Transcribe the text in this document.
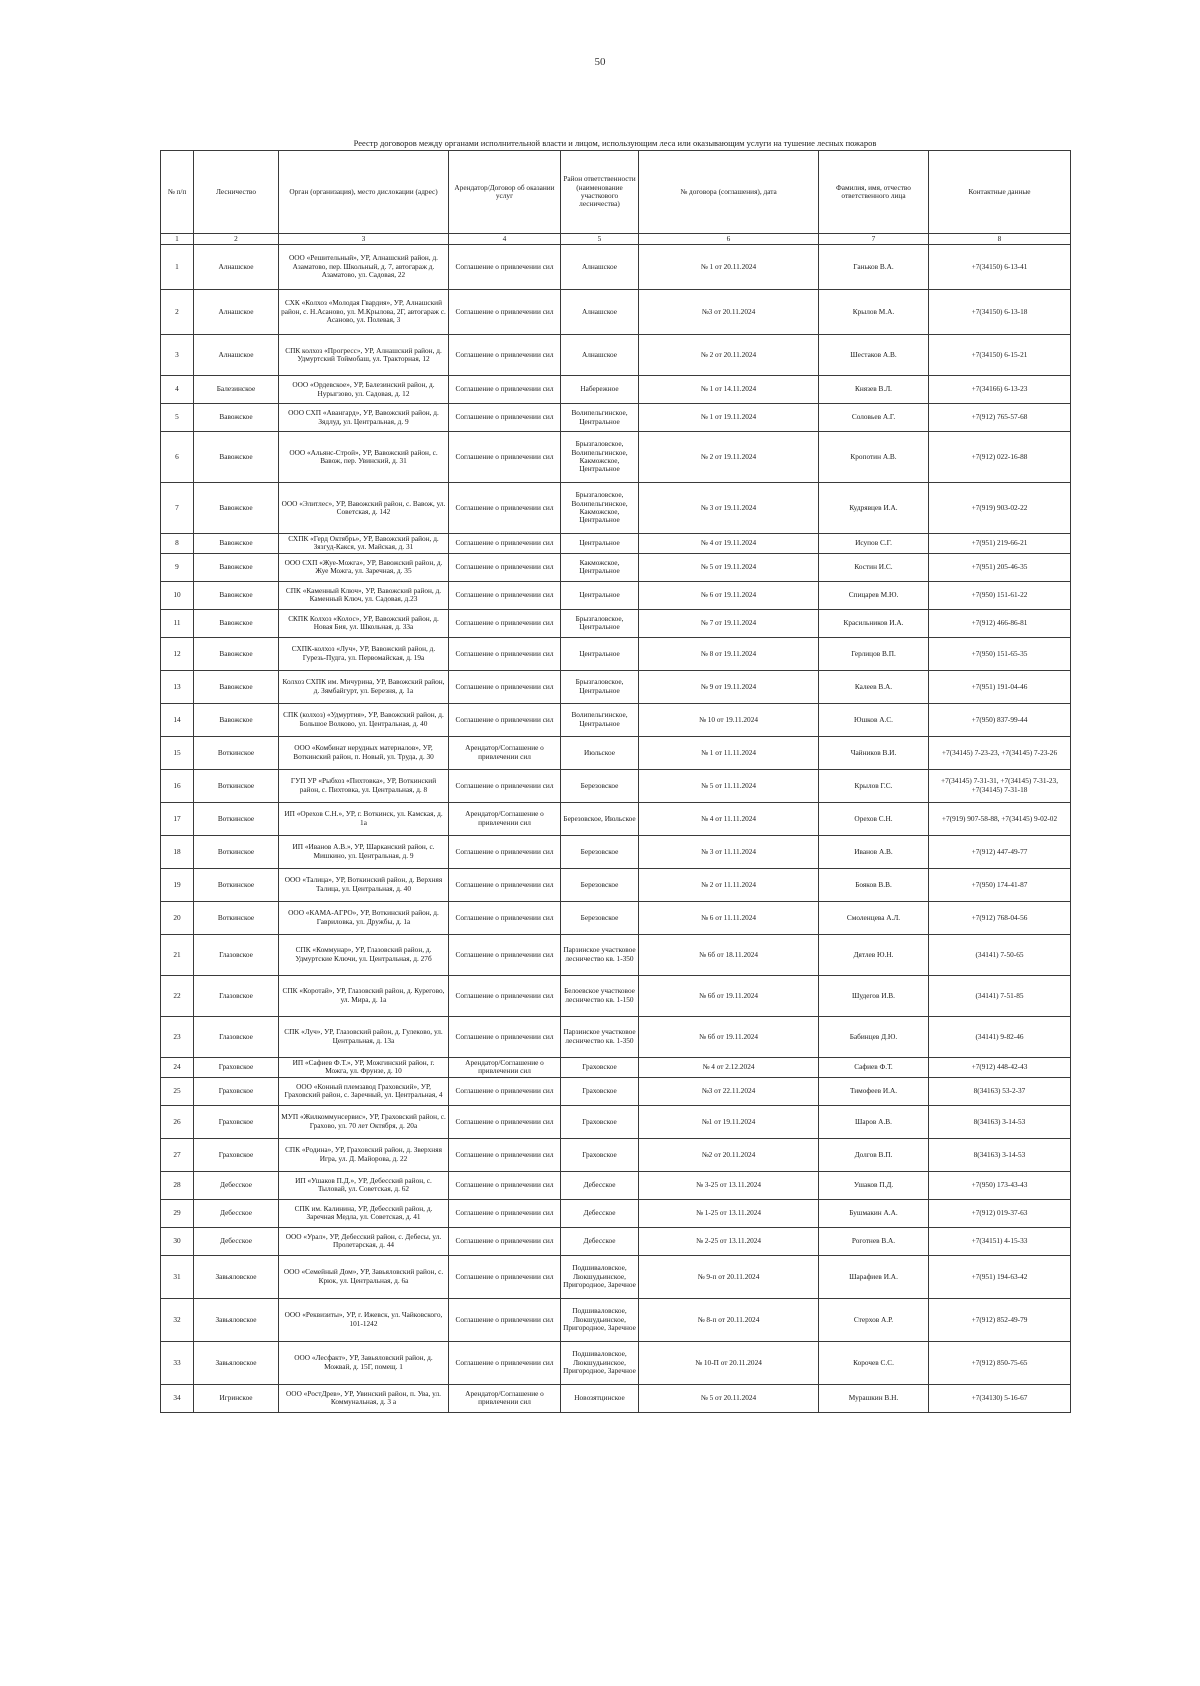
50
Реестр договоров между органами исполнительной власти и лицом, использующим леса или оказывающим услуги на тушение лесных пожаров
№ п/п	Лесничество	Орган (организация), место дислокации (адрес)	Арендатор/Договор об оказании услуг	Район ответственности (наименование участкового лесничества)	№ договора (соглашения), дата	Фамилия, имя, отчество ответственного лица	Контактные данные
1	2	3	4	5	6	7	8
1	Алнашское	ООО «Решительный», УР, Алнашский район, д. Азаматово, пер. Школьный, д. 7, автогараж д. Азаматово, ул. Садовая, 22	Соглашение о привлечении сил	Алнашское	№ 1 от 20.11.2024	Ганьков В.А.	+7(34150) 6-13-41
2	Алнашское	СХК «Колхоз «Молодая Гвардия», УР, Алнашский район, с. Н.Асаново, ул. М.Крылова, 2Г, автогараж с. Асаново, ул. Полевая, 3	Соглашение о привлечении сил	Алнашское	№3 от 20.11.2024	Крылов М.А.	+7(34150) 6-13-18
3	Алнашское	СПК колхоз «Прогресс», УР, Алнашский район, д. Удмуртский Тоймобаш, ул. Тракторная, 12	Соглашение о привлечении сил	Алнашское	№ 2 от 20.11.2024	Шестаков А.В.	+7(34150) 6-15-21
4	Балезинское	ООО «Ордевское», УР, Балезинский район, д. Нурыгзово, ул. Садовая, д. 12	Соглашение о привлечении сил	Набережное	№ 1 от 14.11.2024	Князев В.Л.	+7(34166) 6-13-23
5	Вавожское	ООО СХП «Авангард», УР, Вавожский район, д. Зядлуд, ул. Центральная, д. 9	Соглашение о привлечении сил	Волипельгинское, Центральное	№ 1 от 19.11.2024	Соловьев А.Г.	+7(912) 765-57-68
6	Вавожское	ООО «Альянс-Строй», УР, Вавожский район, с. Вавож, пер. Увинский, д. 31	Соглашение о привлечении сил	Брызгаловское, Волипельгинское, Какможское, Центральное	№ 2 от 19.11.2024	Кропотин А.В.	+7(912) 022-16-88
7	Вавожское	ООО «Элитлес», УР, Вавожский район, с. Вавож, ул. Советская, д. 142	Соглашение о привлечении сил	Брызгаловское, Волипельгинское, Какможское, Центральное	№ 3 от 19.11.2024	Кудрявцев И.А.	+7(919) 903-02-22
8	Вавожское	СХПК «Герд Октябрь», УР, Вавожский район, д. Зязгуд-Какся, ул. Майская, д. 31	Соглашение о привлечении сил	Центральное	№ 4 от 19.11.2024	Исупов С.Г.	+7(951) 219-66-21
9	Вавожское	ООО СХП «Жуе-Можга», УР, Вавожский район, д. Жуе Можга, ул. Заречная, д. 35	Соглашение о привлечении сил	Какможское, Центральное	№ 5 от 19.11.2024	Костин И.С.	+7(951) 205-46-35
10	Вавожское	СПК «Каменный Ключ», УР, Вавожский район, д. Каменный Ключ, ул. Садовая, д.23	Соглашение о привлечении сил	Центральное	№ 6 от 19.11.2024	Спицарев М.Ю.	+7(950) 151-61-22
11	Вавожское	СКПК Колхоз «Колос», УР, Вавожский район, д. Новая Бия, ул. Школьная, д. 33а	Соглашение о привлечении сил	Брызгаловское, Центральное	№ 7 от 19.11.2024	Красильников И.А.	+7(912) 466-86-81
12	Вавожское	СХПК-колхоз «Луч», УР, Вавожский район, д. Гурезь-Пудга, ул. Первомайская, д. 19а	Соглашение о привлечении сил	Центральное	№ 8 от 19.11.2024	Герлицов В.П.	+7(950) 151-65-35
13	Вавожское	Колхоз СХПК им. Мичурина, УР, Вавожский район, д. Зямбайгурт, ул. Березня, д. 1а	Соглашение о привлечении сил	Брызгаловское, Центральное	№ 9 от 19.11.2024	Калеев В.А.	+7(951) 191-04-46
14	Вавожское	СПК (колхоз) «Удмуртия», УР, Вавожский район, д. Большое Волково, ул. Центральная, д. 40	Соглашение о привлечении сил	Волипельгинское, Центральное	№ 10 от 19.11.2024	Юшков А.С.	+7(950) 837-99-44
15	Воткинское	ООО «Комбинат нерудных материалов», УР, Воткинский район, п. Новый, ул. Труда, д. 30	Арендатор/Соглашение о привлечении сил	Июльское	№ 1 от 11.11.2024	Чайников В.И.	+7(34145) 7-23-23, +7(34145) 7-23-26
16	Воткинское	ГУП УР «Рыбхоз «Пихтовка», УР, Воткинский район, с. Пихтовка, ул. Центральная, д. 8	Соглашение о привлечении сил	Березовское	№ 5 от 11.11.2024	Крылов Г.С.	+7(34145) 7-31-31, +7(34145) 7-31-23, +7(34145) 7-31-18
17	Воткинское	ИП «Орехов С.Н.», УР, г. Воткинск, ул. Камская, д. 1а	Арендатор/Соглашение о привлечении сил	Березовское, Июльское	№ 4 от 11.11.2024	Орехов С.Н.	+7(919) 907-58-88, +7(34145) 9-02-02
18	Воткинское	ИП «Иванов А.В.», УР, Шарканский район, с. Мишкино, ул. Центральная, д. 9	Соглашение о привлечении сил	Березовское	№ 3 от 11.11.2024	Иванов А.В.	+7(912) 447-49-77
19	Воткинское	ООО «Талица», УР, Воткинский район, д. Верхняя Талица, ул. Центральная, д. 40	Соглашение о привлечении сил	Березовское	№ 2 от 11.11.2024	Бояков В.В.	+7(950) 174-41-87
20	Воткинское	ООО «КАМА-АГРО», УР, Воткинский район, д. Гавриловка, ул. Дружбы, д. 1а	Соглашение о привлечении сил	Березовское	№ 6 от 11.11.2024	Смоленцева А.Л.	+7(912) 768-04-56
21	Глазовское	СПК «Коммунар», УР, Глазовский район, д. Удмуртские Ключи, ул. Центральная, д. 27б	Соглашение о привлечении сил	Парзинское участковое лесничество кв. 1-350	№ 6б от 18.11.2024	Дятлев Ю.Н.	(34141) 7-50-65
22	Глазовское	СПК «Коротай», УР, Глазовский район, д. Курегово, ул. Мира, д. 1а	Соглашение о привлечении сил	Белоевское участковое лесничество кв. 1-150	№ 6б от 19.11.2024	Шудегов И.В.	(34141) 7-51-85
23	Глазовское	СПК «Луч», УР, Глазовский район, д. Гулеково, ул. Центральная, д. 13а	Соглашение о привлечении сил	Парзинское участковое лесничество кв. 1-350	№ 6б от 19.11.2024	Бабинцев Д.Ю.	(34141) 9-82-46
24	Граховское	ИП «Сафиев Ф.Т.», УР, Можгинский район, г. Можга, ул. Фрунзе, д. 10	Арендатор/Соглашение о привлечении сил	Граховское	№ 4 от 2.12.2024	Сафиев Ф.Т.	+7(912) 448-42-43
25	Граховское	ООО «Конный племзавод Граховский», УР, Граховский район, с. Заречный, ул. Центральная, 4	Соглашение о привлечении сил	Граховское	№3 от 22.11.2024	Тимофеев И.А.	8(34163) 53-2-37
26	Граховское	МУП «Жилкоммунсервис», УР, Граховский район, с. Грахово, ул. 70 лет Октября, д. 20а	Соглашение о привлечении сил	Граховское	№1 от 19.11.2024	Шаров А.В.	8(34163) 3-14-53
27	Граховское	СПК «Родина», УР, Граховский район, д. Зверхняя Игра, ул. Д. Майорова, д. 22	Соглашение о привлечении сил	Граховское	№2 от 20.11.2024	Долгов В.П.	8(34163) 3-14-53
28	Дебесское	ИП «Ушаков П.Д.», УР, Дебесский район, с. Тыловай, ул. Советская, д. 62	Соглашение о привлечении сил	Дебесское	№ 3-25 от 13.11.2024	Ушаков П.Д.	+7(950) 173-43-43
29	Дебесское	СПК им. Калинина, УР, Дебесский район, д. Заречная Медла, ул. Советская, д. 41	Соглашение о привлечении сил	Дебесское	№ 1-25 от 13.11.2024	Бушмакин А.А.	+7(912) 019-37-63
30	Дебесское	ООО «Урал», УР, Дебесский район, с. Дебесы, ул. Пролетарская, д. 44	Соглашение о привлечении сил	Дебесское	№ 2-25 от 13.11.2024	Роготнев В.А.	+7(34151) 4-15-33
31	Завьяловское	ООО «Семейный Дом», УР, Завьяловский район, с. Крюк, ул. Центральная, д. 6а	Соглашение о привлечении сил	Подшиваловское, Люкшудьинское, Пригородное, Заречное	№ 9-п от 20.11.2024	Шарафиев И.А.	+7(951) 194-63-42
32	Завьяловское	ООО «Реквизиты», УР, г. Ижевск, ул. Чайковского, 101-1242	Соглашение о привлечении сил	Подшиваловское, Люкшудьинское, Пригородное, Заречное	№ 8-п от 20.11.2024	Стерхов А.Р.	+7(912) 852-49-79
33	Завьяловское	ООО «Лесфакт», УР, Завьяловский район, д. Можвай, д. 15Г, помещ. 1	Соглашение о привлечении сил	Подшиваловское, Люкшудьинское, Пригородное, Заречное	№ 10-П от 20.11.2024	Корочев С.С.	+7(912) 850-75-65
34	Игринское	ООО «РостДрев», УР, Увинский район, п. Ува, ул. Коммунальная, д. 3 а	Арендатор/Соглашение о привлечении сил	Новозятцинское	№ 5 от 20.11.2024	Мурашкин В.Н.	+7(34130) 5-16-67
